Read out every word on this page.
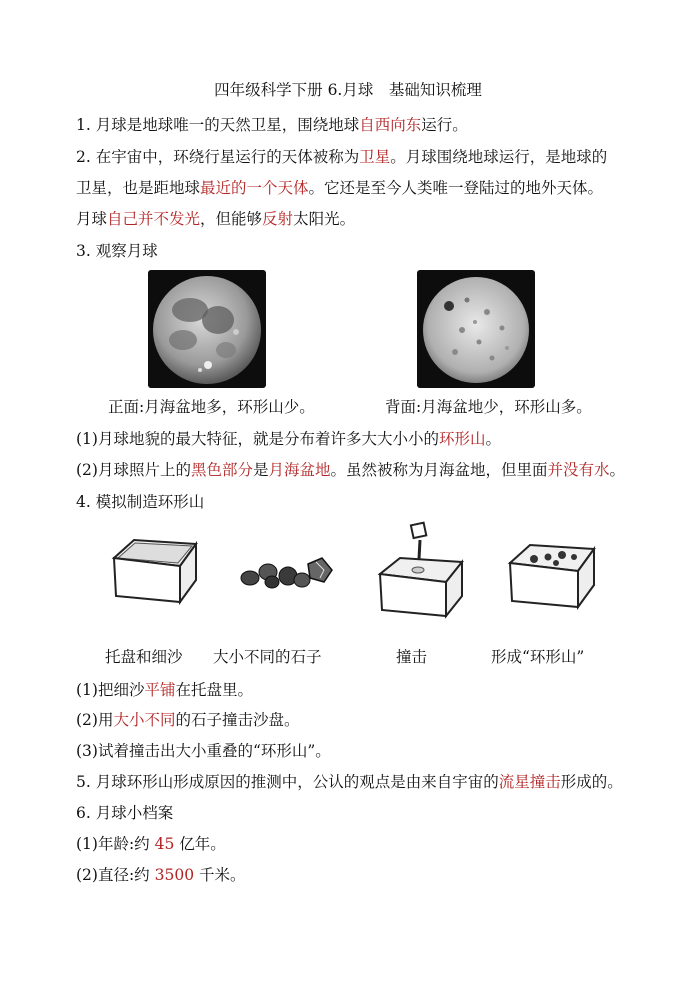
四年级科学下册 6.月球　基础知识梳理
1. 月球是地球唯一的天然卫星，围绕地球自西向东运行。
2. 在宇宙中，环绕行星运行的天体被称为卫星。月球围绕地球运行，是地球的
卫星，也是距地球最近的一个天体。它还是至今人类唯一登陆过的地外天体。
月球自己并不发光，但能够反射太阳光。
3. 观察月球
正面:月海盆地多，环形山少。	背面:月海盆地少，环形山多。
(1)月球地貌的最大特征，就是分布着许多大大小小的环形山。
(2)月球照片上的黑色部分是月海盆地。虽然被称为月海盆地，但里面并没有水。
4. 模拟制造环形山
托盘和细沙 大小不同的石子	撞击	形成“环形山”
(1)把细沙平铺在托盘里。
(2)用大小不同的石子撞击沙盘。
(3)试着撞击出大小重叠的“环形山”。
5. 月球环形山形成原因的推测中，公认的观点是由来自宇宙的流星撞击形成的。
6. 月球小档案
(1)年龄:约 45 亿年。
(2)直径:约 3500 千米。
